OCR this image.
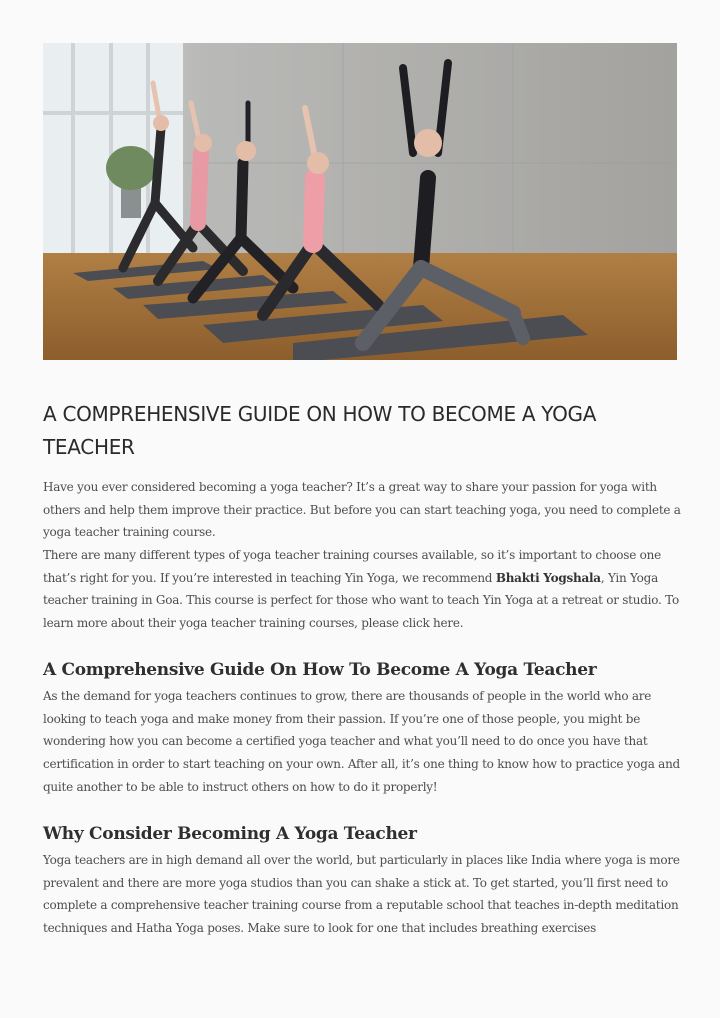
A COMPREHENSIVE GUIDE ON HOW TO BECOME A YOGA TEACHER

Have you ever considered becoming a yoga teacher? It’s a great way to share your passion for yoga with others and help them improve their practice. But before you can start teaching yoga, you need to complete a yoga teacher training course.

There are many different types of yoga teacher training courses available, so it’s important to choose one that’s right for you. If you’re interested in teaching Yin Yoga, we recommend Bhakti Yogshala, Yin Yoga teacher training in Goa. This course is perfect for those who want to teach Yin Yoga at a retreat or studio. To learn more about their yoga teacher training courses, please click here.

A Comprehensive Guide On How To Become A Yoga Teacher

As the demand for yoga teachers continues to grow, there are thousands of people in the world who are looking to teach yoga and make money from their passion. If you’re one of those people, you might be wondering how you can become a certified yoga teacher and what you’ll need to do once you have that certification in order to start teaching on your own. After all, it’s one thing to know how to practice yoga and quite another to be able to instruct others on how to do it properly!

Why Consider Becoming A Yoga Teacher

Yoga teachers are in high demand all over the world, but particularly in places like India where yoga is more prevalent and there are more yoga studios than you can shake a stick at. To get started, you’ll first need to complete a comprehensive teacher training course from a reputable school that teaches in-depth meditation techniques and Hatha Yoga poses. Make sure to look for one that includes breathing exercises
